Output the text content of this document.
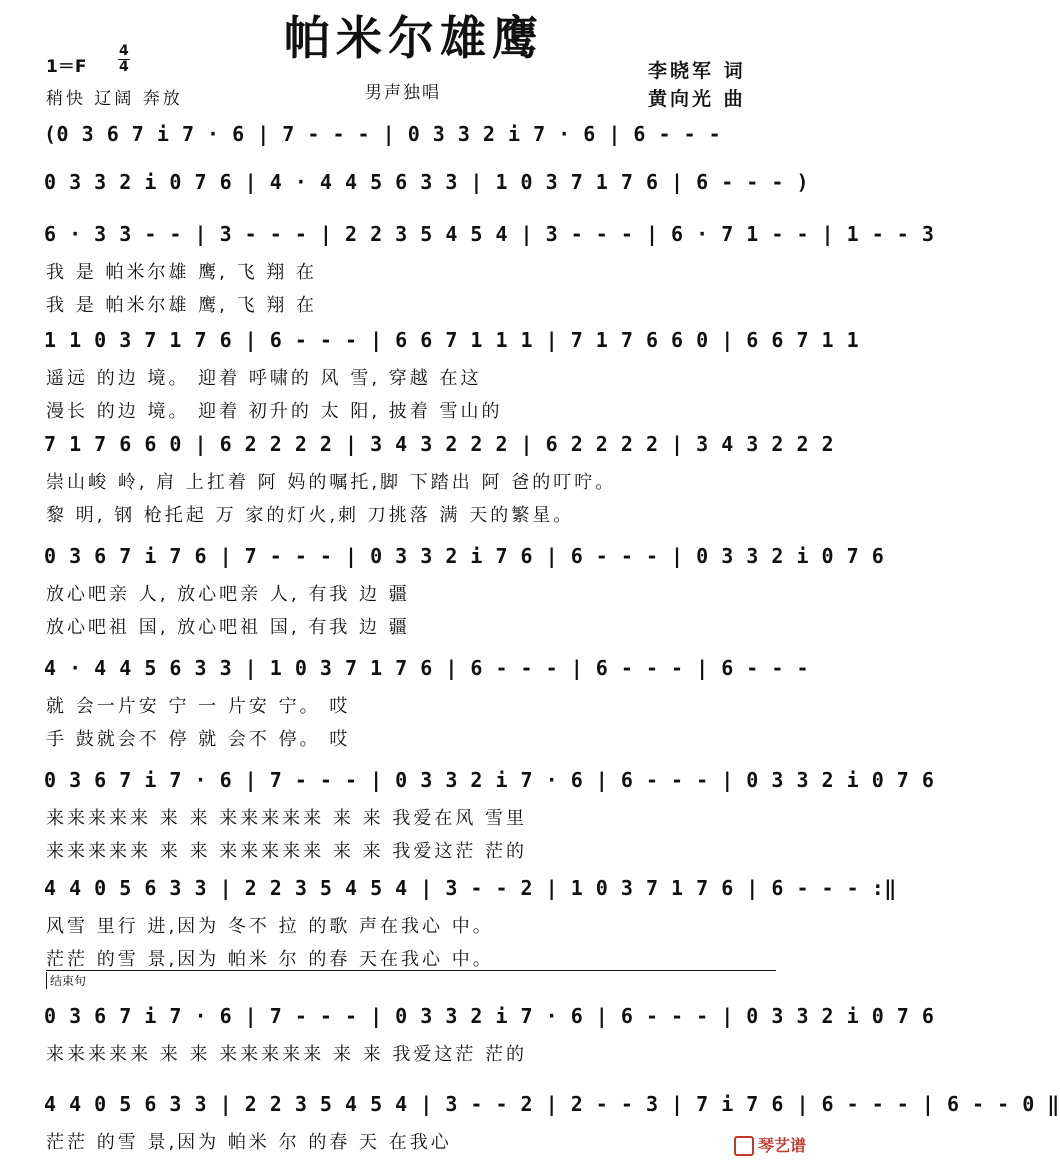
帕米尔雄鹰
$1=F \frac{4}{4}$
稍快 辽阔 奔放	男声独唱
李晓军 词
黄向光 曲
(0 3 6 7 i 7 · 6 | 7 - - - | 0 3 3 2 i 7 · 6 | 6 - - -
0 3 3 2 i 0 7 6 | 4 · 4 4 5 6 3 3 | 1 0 3 7 1 7 6 | 6 - - - )
6 · 3 3 - - | 3 - - - | 2 2 3 5 4 5 4 | 3 - - - | 6 · 7 1 - - | 1 - - 3
我 是 帕米尔雄 鹰, 飞 翔 在
我 是 帕米尔雄 鹰, 飞 翔 在
1 1 0 3 7 1 7 6 | 6 - - - | 6 6 7 1 1 1 | 7 1 7 6 6 0 | 6 6 7 1 1
遥远 的边 境。 迎着 呼啸的 风 雪, 穿越 在这
漫长 的边 境。 迎着 初升的 太 阳, 披着 雪山的
7 1 7 6 6 0 | 6 2 2 2 2 | 3 4 3 2 2 2 | 6 2 2 2 2 | 3 4 3 2 2 2
崇山峻 岭, 肩 上扛着 阿 妈的嘱托,脚 下踏出 阿 爸的叮咛。
黎 明, 钢 枪托起 万 家的灯火,刺 刀挑落 满 天的繁星。
0 3 6 7 i 7 6 | 7 - - - | 0 3 3 2 i 7 6 | 6 - - - | 0 3 3 2 i 0 7 6
放心吧亲 人, 放心吧亲 人, 有我 边 疆
放心吧祖 国, 放心吧祖 国, 有我 边 疆
4 · 4 4 5 6 3 3 | 1 0 3 7 1 7 6 | 6 - - - | 6 - - - | 6 - - -
就 会一片安 宁 一 片安 宁。 哎
手 鼓就会不 停 就 会不 停。 哎
0 3 6 7 i 7 · 6 | 7 - - - | 0 3 3 2 i 7 · 6 | 6 - - - | 0 3 3 2 i 0 7 6
来来来来来 来 来 来来来来来 来 来 我爱在风 雪里
来来来来来 来 来 来来来来来 来 来 我爱这茫 茫的
4 4 0 5 6 3 3 | 2 2 3 5 4 5 4 | 3 - - 2 | 1 0 3 7 1 7 6 | 6 - - - :‖
风雪 里行 进,因为 冬不 拉 的歌 声在我心 中。
茫茫 的雪 景,因为 帕米 尔 的春 天在我心 中。
0 3 6 7 i 7 · 6 | 7 - - - | 0 3 3 2 i 7 · 6 | 6 - - - | 0 3 3 2 i 0 7 6
来来来来来 来 来 来来来来来 来 来 我爱这茫 茫的
4 4 0 5 6 3 3 | 2 2 3 5 4 5 4 | 3 - - 2 | 2 - - 3 | 7 i 7 6 | 6 - - - | 6 - - 0 ‖
茫茫 的雪 景,因为 帕米 尔 的春 天 在我心
结束句
琴艺谱
